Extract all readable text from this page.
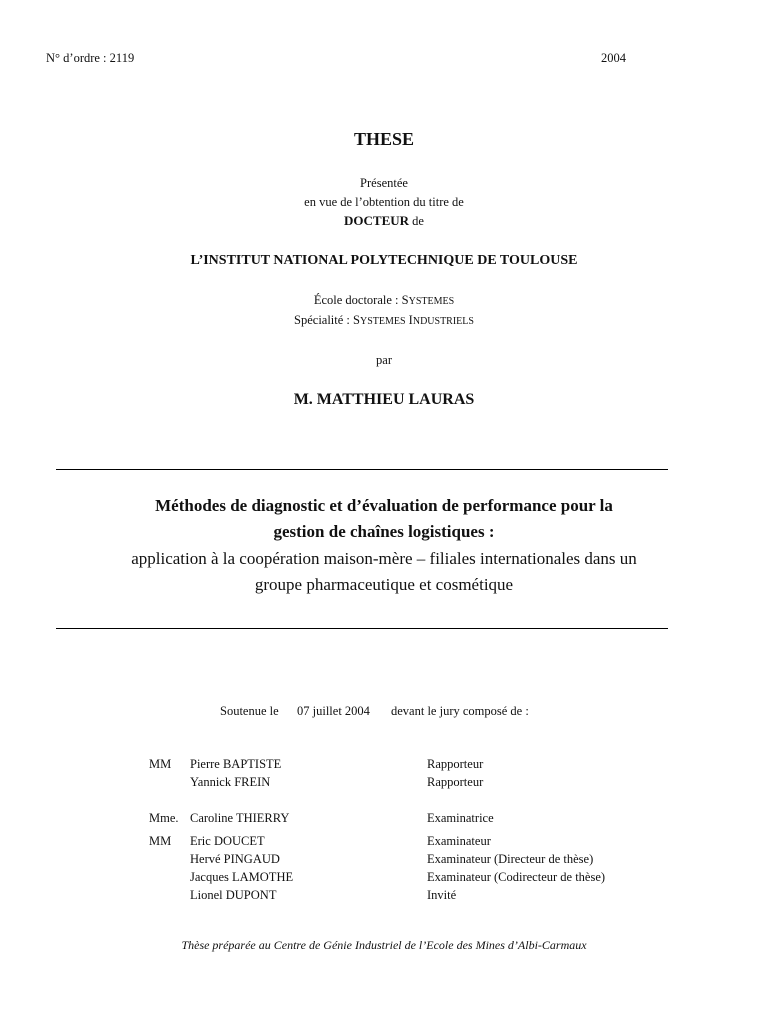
N° d’ordre : 2119	2004
THESE
Présentée
en vue de l’obtention du titre de
DOCTEUR de
L’INSTITUT NATIONAL POLYTECHNIQUE DE TOULOUSE
École doctorale : SYSTEMES
Spécialité : SYSTEMES INDUSTRIELS
par
M. MATTHIEU LAURAS
Méthodes de diagnostic et d’évaluation de performance pour la
gestion de chaînes logistiques :
application à la coopération maison-mère – filiales internationales dans un
groupe pharmaceutique et cosmétique
Soutenue le 07 juillet 2004 devant le jury composé de :
MM Pierre BAPTISTE	Rapporteur
Yannick FREIN	Rapporteur
Mme. Caroline THIERRY	Examinatrice
MM Eric DOUCET	Examinateur
Hervé PINGAUD	Examinateur (Directeur de thèse)
Jacques LAMOTHE	Examinateur (Codirecteur de thèse)
Lionel DUPONT	Invité
Thèse préparée au Centre de Génie Industriel de l’Ecole des Mines d’Albi-Carmaux
